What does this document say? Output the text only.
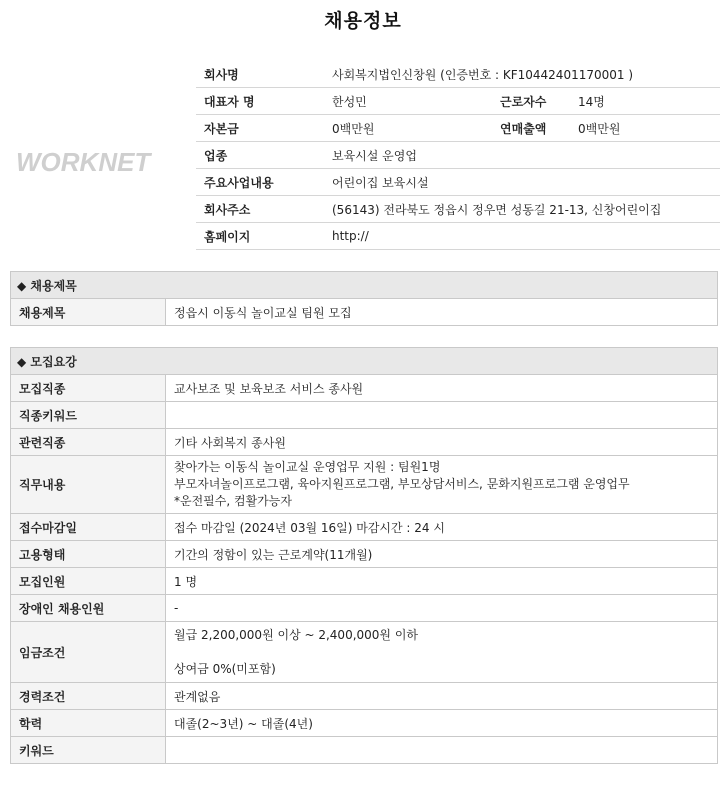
채용정보
WORKNET
회사명	사회복지법인신창원 (인증번호 : KF10442401170001 )		
대표자 명	한성민	근로자수	14명
자본금	0백만원	연매출액	0백만원
업종	보육시설 운영업		
주요사업내용	어린이집 보육시설		
회사주소	(56143) 전라북도 정읍시 정우면 성동길 21-13, 신창어린이집		
홈페이지	http://		
◆ 채용제목
채용제목	정읍시 이동식 놀이교실 팀원 모집
◆ 모집요강	
모집직종	교사보조 및 보육보조 서비스 종사원
직종키워드	
관련직종	기타 사회복지 종사원
직무내용	찾아가는 이동식 놀이교실 운영업무 지원 : 팀원1명
부모자녀놀이프로그램, 육아지원프로그램, 부모상담서비스, 문화지원프로그램 운영업무
*운전필수, 컴활가능자

접수마감일	접수 마감일 (2024년 03월 16일) 마감시간 : 24 시
고용형태	기간의 정함이 있는 근로계약(11개월)
모집인원	1 명
장애인 채용인원	-
임금조건	월급 2,200,000원 이상 ~ 2,400,000원 이하
상여금 0%(미포함)

경력조건	관계없음
학력	대졸(2~3년) ~ 대졸(4년)
키워드	
